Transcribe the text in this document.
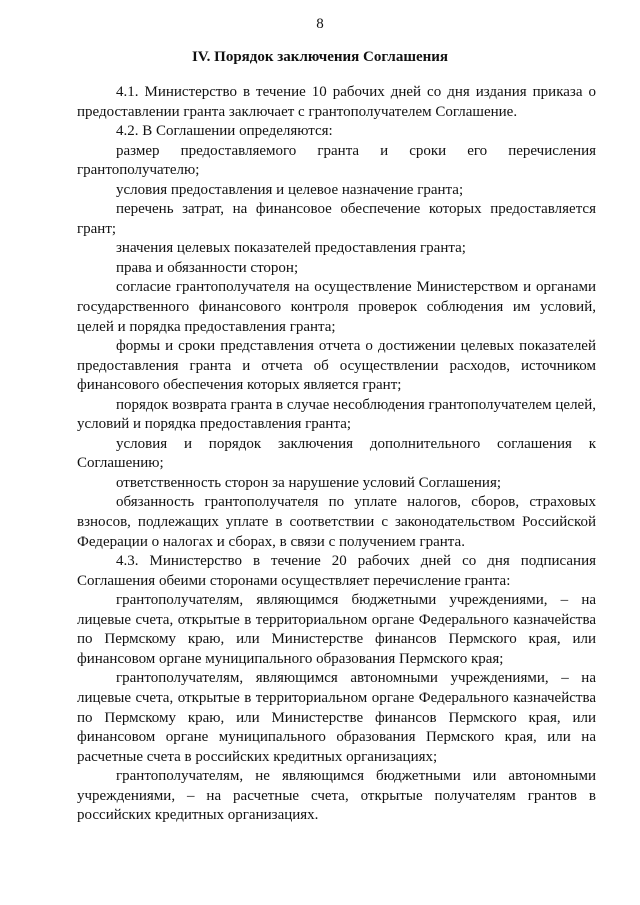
8
IV. Порядок заключения Соглашения

4.1. Министерство в течение 10 рабочих дней со дня издания приказа о предоставлении гранта заключает с грантополучателем Соглашение.

4.2. В Соглашении определяются:

размер предоставляемого гранта и сроки его перечисления грантополучателю;

условия предоставления и целевое назначение гранта;

перечень затрат, на финансовое обеспечение которых предоставляется грант;

значения целевых показателей предоставления гранта;

права и обязанности сторон;

согласие грантополучателя на осуществление Министерством и органами государственного финансового контроля проверок соблюдения им условий, целей и порядка предоставления гранта;

формы и сроки представления отчета о достижении целевых показателей предоставления гранта и отчета об осуществлении расходов, источником финансового обеспечения которых является грант;

порядок возврата гранта в случае несоблюдения грантополучателем целей, условий и порядка предоставления гранта;

условия и порядок заключения дополнительного соглашения к Соглашению;

ответственность сторон за нарушение условий Соглашения;

обязанность грантополучателя по уплате налогов, сборов, страховых взносов, подлежащих уплате в соответствии с законодательством Российской Федерации о налогах и сборах, в связи с получением гранта.

4.3. Министерство в течение 20 рабочих дней со дня подписания Соглашения обеими сторонами осуществляет перечисление гранта:

грантополучателям, являющимся бюджетными учреждениями, – на лицевые счета, открытые в территориальном органе Федерального казначейства по Пермскому краю, или Министерстве финансов Пермского края, или финансовом органе муниципального образования Пермского края;

грантополучателям, являющимся автономными учреждениями, – на лицевые счета, открытые в территориальном органе Федерального казначейства по Пермскому краю, или Министерстве финансов Пермского края, или финансовом органе муниципального образования Пермского края, или на расчетные счета в российских кредитных организациях;

грантополучателям, не являющимся бюджетными или автономными учреждениями, – на расчетные счета, открытые получателям грантов в российских кредитных организациях.
